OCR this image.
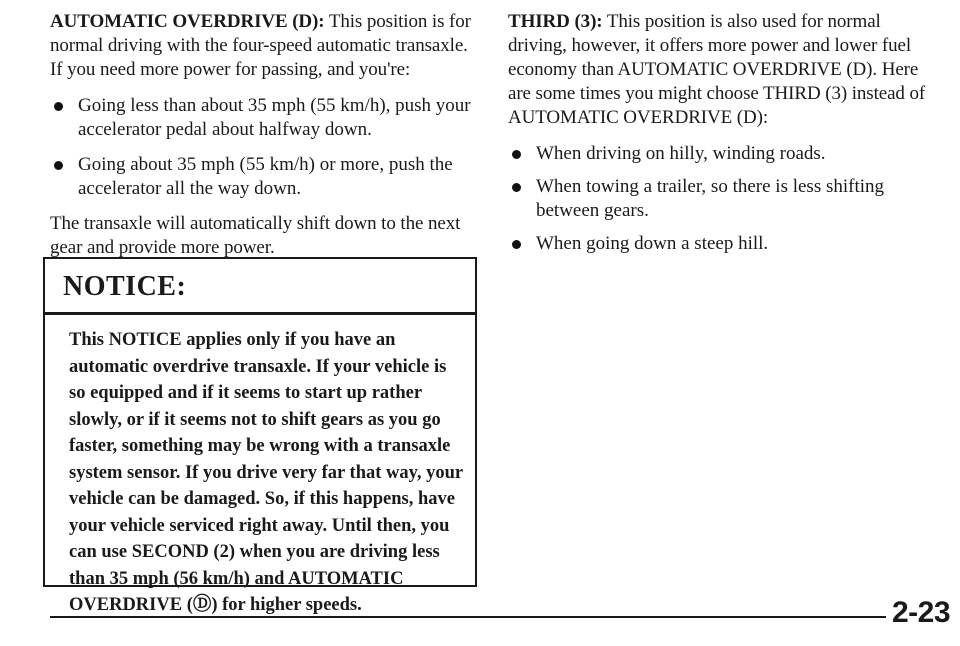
AUTOMATIC OVERDRIVE (D): This position is for normal driving with the four-speed automatic transaxle. If you need more power for passing, and you're:

Going less than about 35 mph (55 km/h), push your accelerator pedal about halfway down.
Going about 35 mph (55 km/h) or more, push the accelerator all the way down.

The transaxle will automatically shift down to the next gear and provide more power.

NOTICE:
This NOTICE applies only if you have an automatic overdrive transaxle. If your vehicle is so equipped and if it seems to start up rather slowly, or if it seems not to shift gears as you go faster, something may be wrong with a transaxle system sensor. If you drive very far that way, your vehicle can be damaged. So, if this happens, have your vehicle serviced right away. Until then, you can use SECOND (2) when you are driving less than 35 mph (56 km/h) and AUTOMATIC OVERDRIVE (Ⓓ) for higher speeds.

THIRD (3): This position is also used for normal driving, however, it offers more power and lower fuel economy than AUTOMATIC OVERDRIVE (D). Here are some times you might choose THIRD (3) instead of AUTOMATIC OVERDRIVE (D):

When driving on hilly, winding roads.
When towing a trailer, so there is less shifting between gears.
When going down a steep hill.
2-23
